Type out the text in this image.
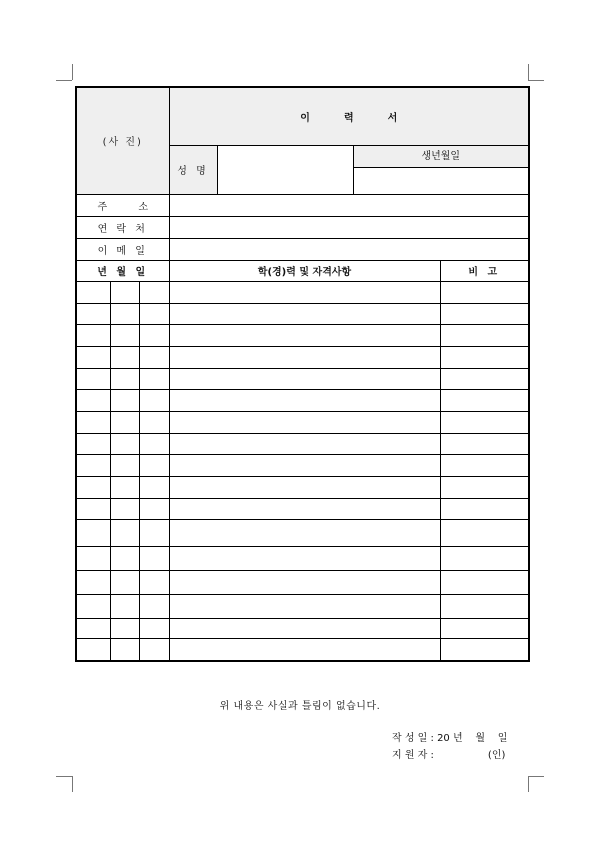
(사 진)			이력서			
			성 명		생년월일	

주 소						
연 락 처						
이 메 일						
년 월 일			학(경)력 및 자격사항			비 고

위 내용은 사실과 틀림이 없습니다.
작 성 일 : 20 년    월    일
지 원 자 :                 (인)
